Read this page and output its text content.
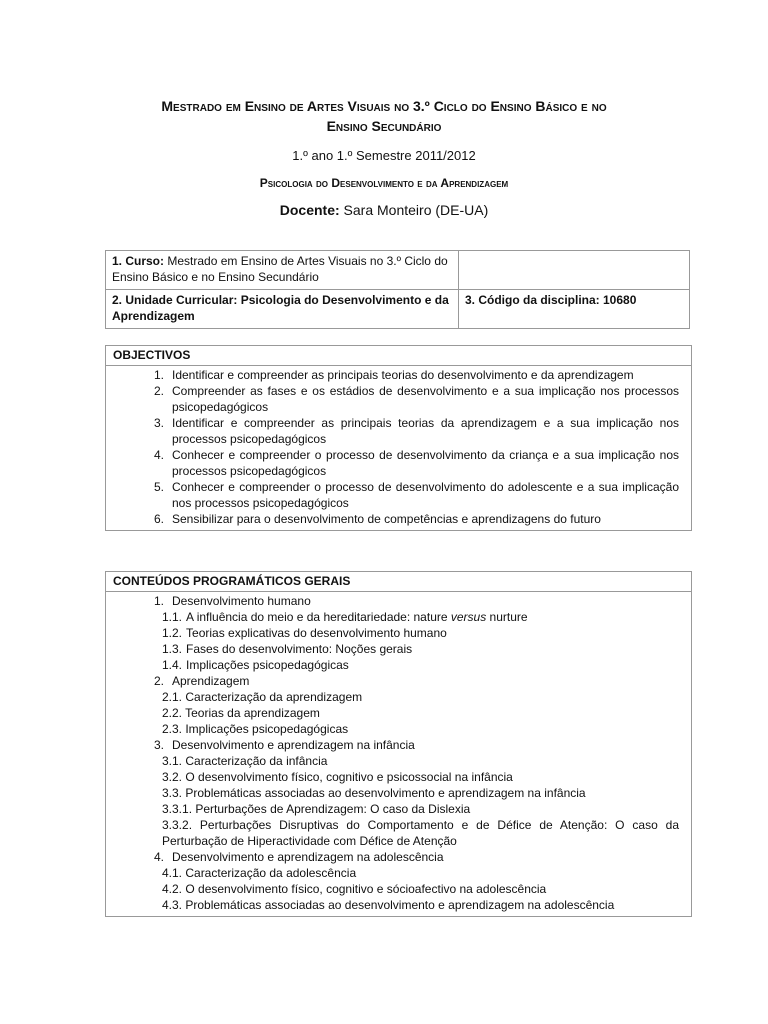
Mestrado em Ensino de Artes Visuais no 3.º Ciclo do Ensino Básico e no
Ensino Secundário
1.º ano 1.º Semestre 2011/2012
Psicologia do Desenvolvimento e da Aprendizagem
Docente: Sara Monteiro (DE-UA)
1. Curso: Mestrado em Ensino de Artes Visuais no 3.º Ciclo do Ensino Básico e no Ensino Secundário	
2. Unidade Curricular: Psicologia do Desenvolvimento e da Aprendizagem	3. Código da disciplina: 10680
OBJECTIVOS
1. Identificar e compreender as principais teorias do desenvolvimento e da aprendizagem
2. Compreender as fases e os estádios de desenvolvimento e a sua implicação nos processos psicopedagógicos
3. Identificar e compreender as principais teorias da aprendizagem e a sua implicação nos processos psicopedagógicos
4. Conhecer e compreender o processo de desenvolvimento da criança e a sua implicação nos processos psicopedagógicos
5. Conhecer e compreender o processo de desenvolvimento do adolescente e a sua implicação nos processos psicopedagógicos
6. Sensibilizar para o desenvolvimento de competências e aprendizagens do futuro
CONTEÚDOS PROGRAMÁTICOS GERAIS
1. Desenvolvimento humano
1.1. A influência do meio e da hereditariedade: nature versus nurture
1.2. Teorias explicativas do desenvolvimento humano
1.3. Fases do desenvolvimento: Noções gerais
1.4. Implicações psicopedagógicas
2. Aprendizagem
2.1. Caracterização da aprendizagem
2.2. Teorias da aprendizagem
2.3. Implicações psicopedagógicas
3. Desenvolvimento e aprendizagem na infância
3.1. Caracterização da infância
3.2. O desenvolvimento físico, cognitivo e psicossocial na infância
3.3. Problemáticas associadas ao desenvolvimento e aprendizagem na infância
3.3.1. Perturbações de Aprendizagem: O caso da Dislexia
3.3.2. Perturbações Disruptivas do Comportamento e de Défice de Atenção: O caso da Perturbação de Hiperactividade com Défice de Atenção
4. Desenvolvimento e aprendizagem na adolescência
4.1. Caracterização da adolescência
4.2. O desenvolvimento físico, cognitivo e sócioafectivo na adolescência
4.3. Problemáticas associadas ao desenvolvimento e aprendizagem na adolescência
